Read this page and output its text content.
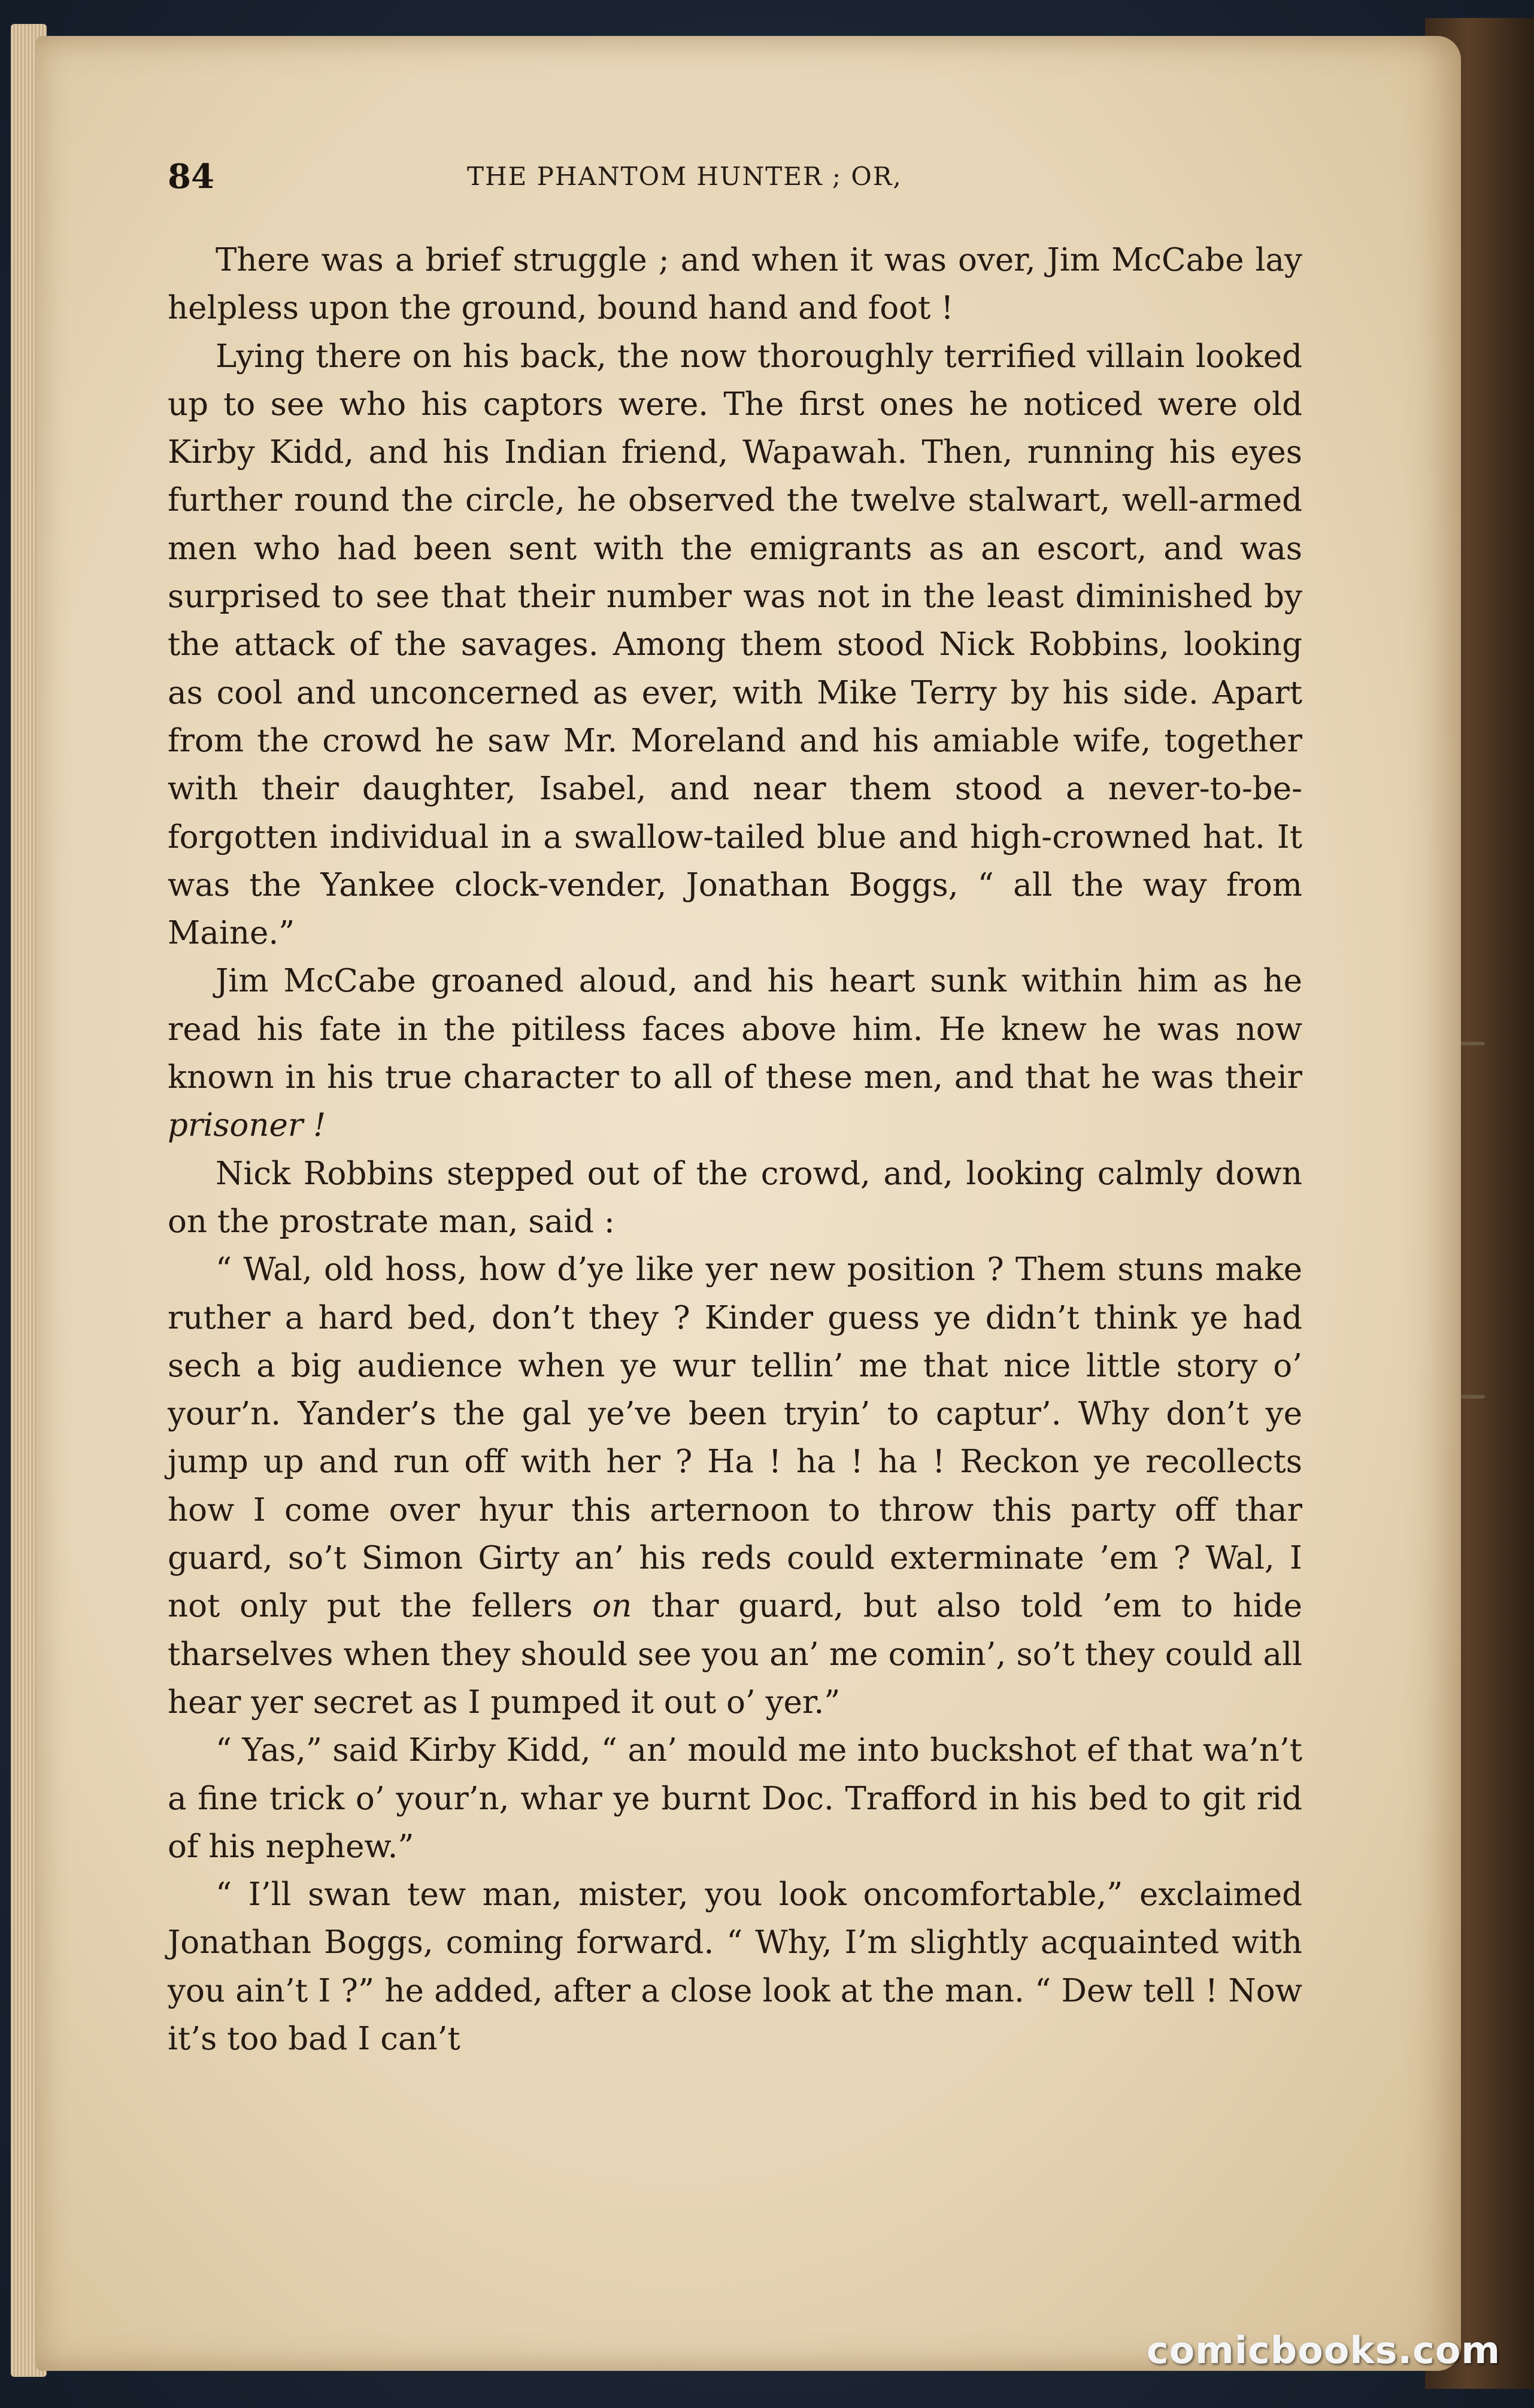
84	THE PHANTOM HUNTER ; OR,

There was a brief struggle ; and when it was over, Jim McCabe lay helpless upon the ground, bound hand and foot !

Lying there on his back, the now thoroughly terrified villain looked up to see who his captors were. The first ones he noticed were old Kirby Kidd, and his Indian friend, Wapawah. Then, running his eyes further round the circle, he observed the twelve stalwart, well-armed men who had been sent with the emigrants as an escort, and was surprised to see that their number was not in the least diminished by the attack of the savages. Among them stood Nick Robbins, looking as cool and unconcerned as ever, with Mike Terry by his side. Apart from the crowd he saw Mr. Moreland and his amiable wife, together with their daughter, Isabel, and near them stood a never-to-be-forgotten individual in a swallow-tailed blue and high-crowned hat. It was the Yankee clock-vender, Jonathan Boggs, “ all the way from Maine.”

Jim McCabe groaned aloud, and his heart sunk within him as he read his fate in the pitiless faces above him. He knew he was now known in his true character to all of these men, and that he was their prisoner !

Nick Robbins stepped out of the crowd, and, looking calmly down on the prostrate man, said :

“ Wal, old hoss, how d’ye like yer new position ? Them stuns make ruther a hard bed, don’t they ? Kinder guess ye didn’t think ye had sech a big audience when ye wur tellin’ me that nice little story o’ your’n. Yander’s the gal ye’ve been tryin’ to captur’. Why don’t ye jump up and run off with her ? Ha ! ha ! ha ! Reckon ye recollects how I come over hyur this arternoon to throw this party off thar guard, so’t Simon Girty an’ his reds could exterminate ’em ? Wal, I not only put the fellers on thar guard, but also told ’em to hide tharselves when they should see you an’ me comin’, so’t they could all hear yer secret as I pumped it out o’ yer.”

“ Yas,” said Kirby Kidd, “ an’ mould me into buckshot ef that wa’n’t a fine trick o’ your’n, whar ye burnt Doc. Trafford in his bed to git rid of his nephew.”

“ I’ll swan tew man, mister, you look oncomfortable,” exclaimed Jonathan Boggs, coming forward. “ Why, I’m slightly acquainted with you ain’t I ?” he added, after a close look at the man. “ Dew tell ! Now it’s too bad I can’t

comicbooks.com
